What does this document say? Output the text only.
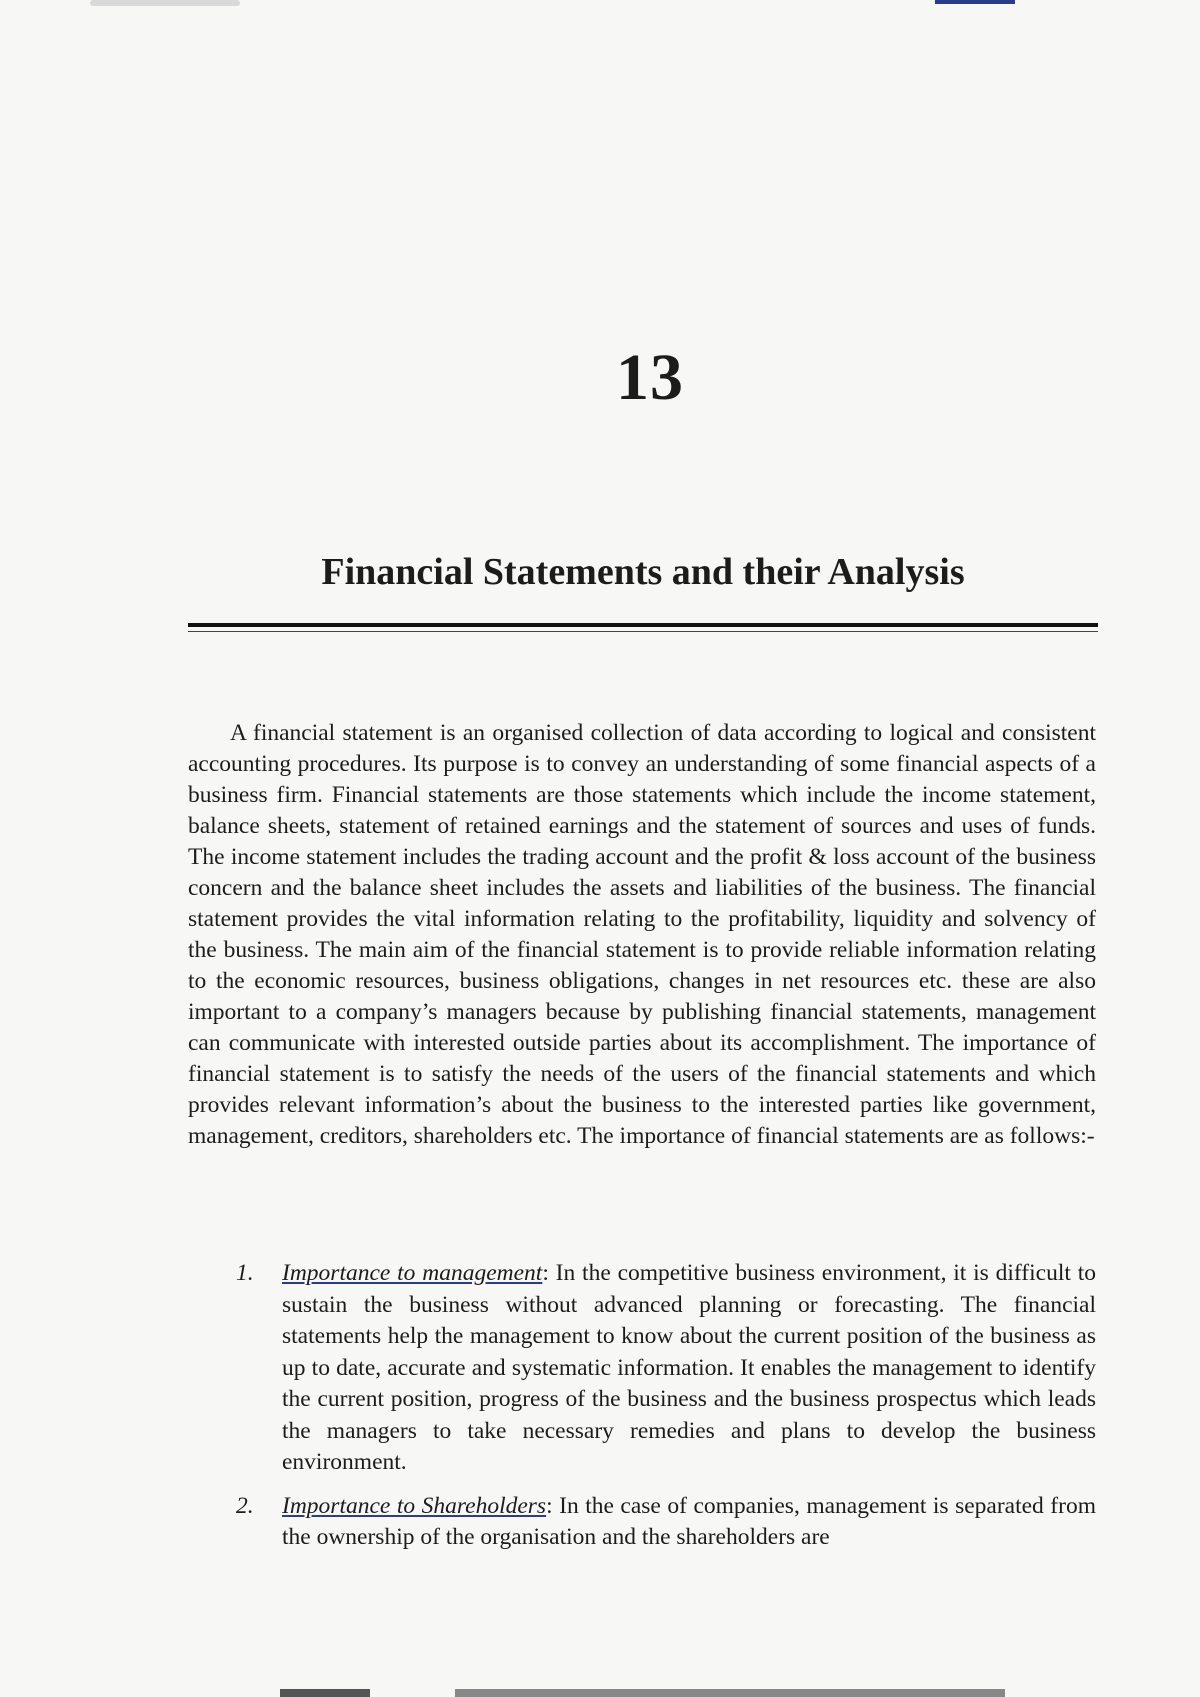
13
Financial Statements and their Analysis

A financial statement is an organised collection of data according to logical and consistent accounting procedures. Its purpose is to convey an understanding of some financial aspects of a business firm. Financial statements are those statements which include the income statement, balance sheets, statement of retained earnings and the statement of sources and uses of funds. The income statement includes the trading account and the profit & loss account of the business concern and the balance sheet includes the assets and liabilities of the business. The financial statement provides the vital information relating to the profitability, liquidity and solvency of the business. The main aim of the financial statement is to provide reliable information relating to the economic resources, business obligations, changes in net resources etc. these are also important to a company’s managers because by publishing financial statements, management can communicate with interested outside parties about its accomplishment. The importance of financial statement is to satisfy the needs of the users of the financial statements and which provides relevant information’s about the business to the interested parties like government, management, creditors, shareholders etc. The importance of financial statements are as follows:-

1. Importance to management: In the competitive business environment, it is difficult to sustain the business without advanced planning or forecasting. The financial statements help the management to know about the current position of the business as up to date, accurate and systematic information. It enables the management to identify the current position, progress of the business and the business prospectus which leads the managers to take necessary remedies and plans to develop the business environment.
2. Importance to Shareholders: In the case of companies, management is separated from the ownership of the organisation and the shareholders are
